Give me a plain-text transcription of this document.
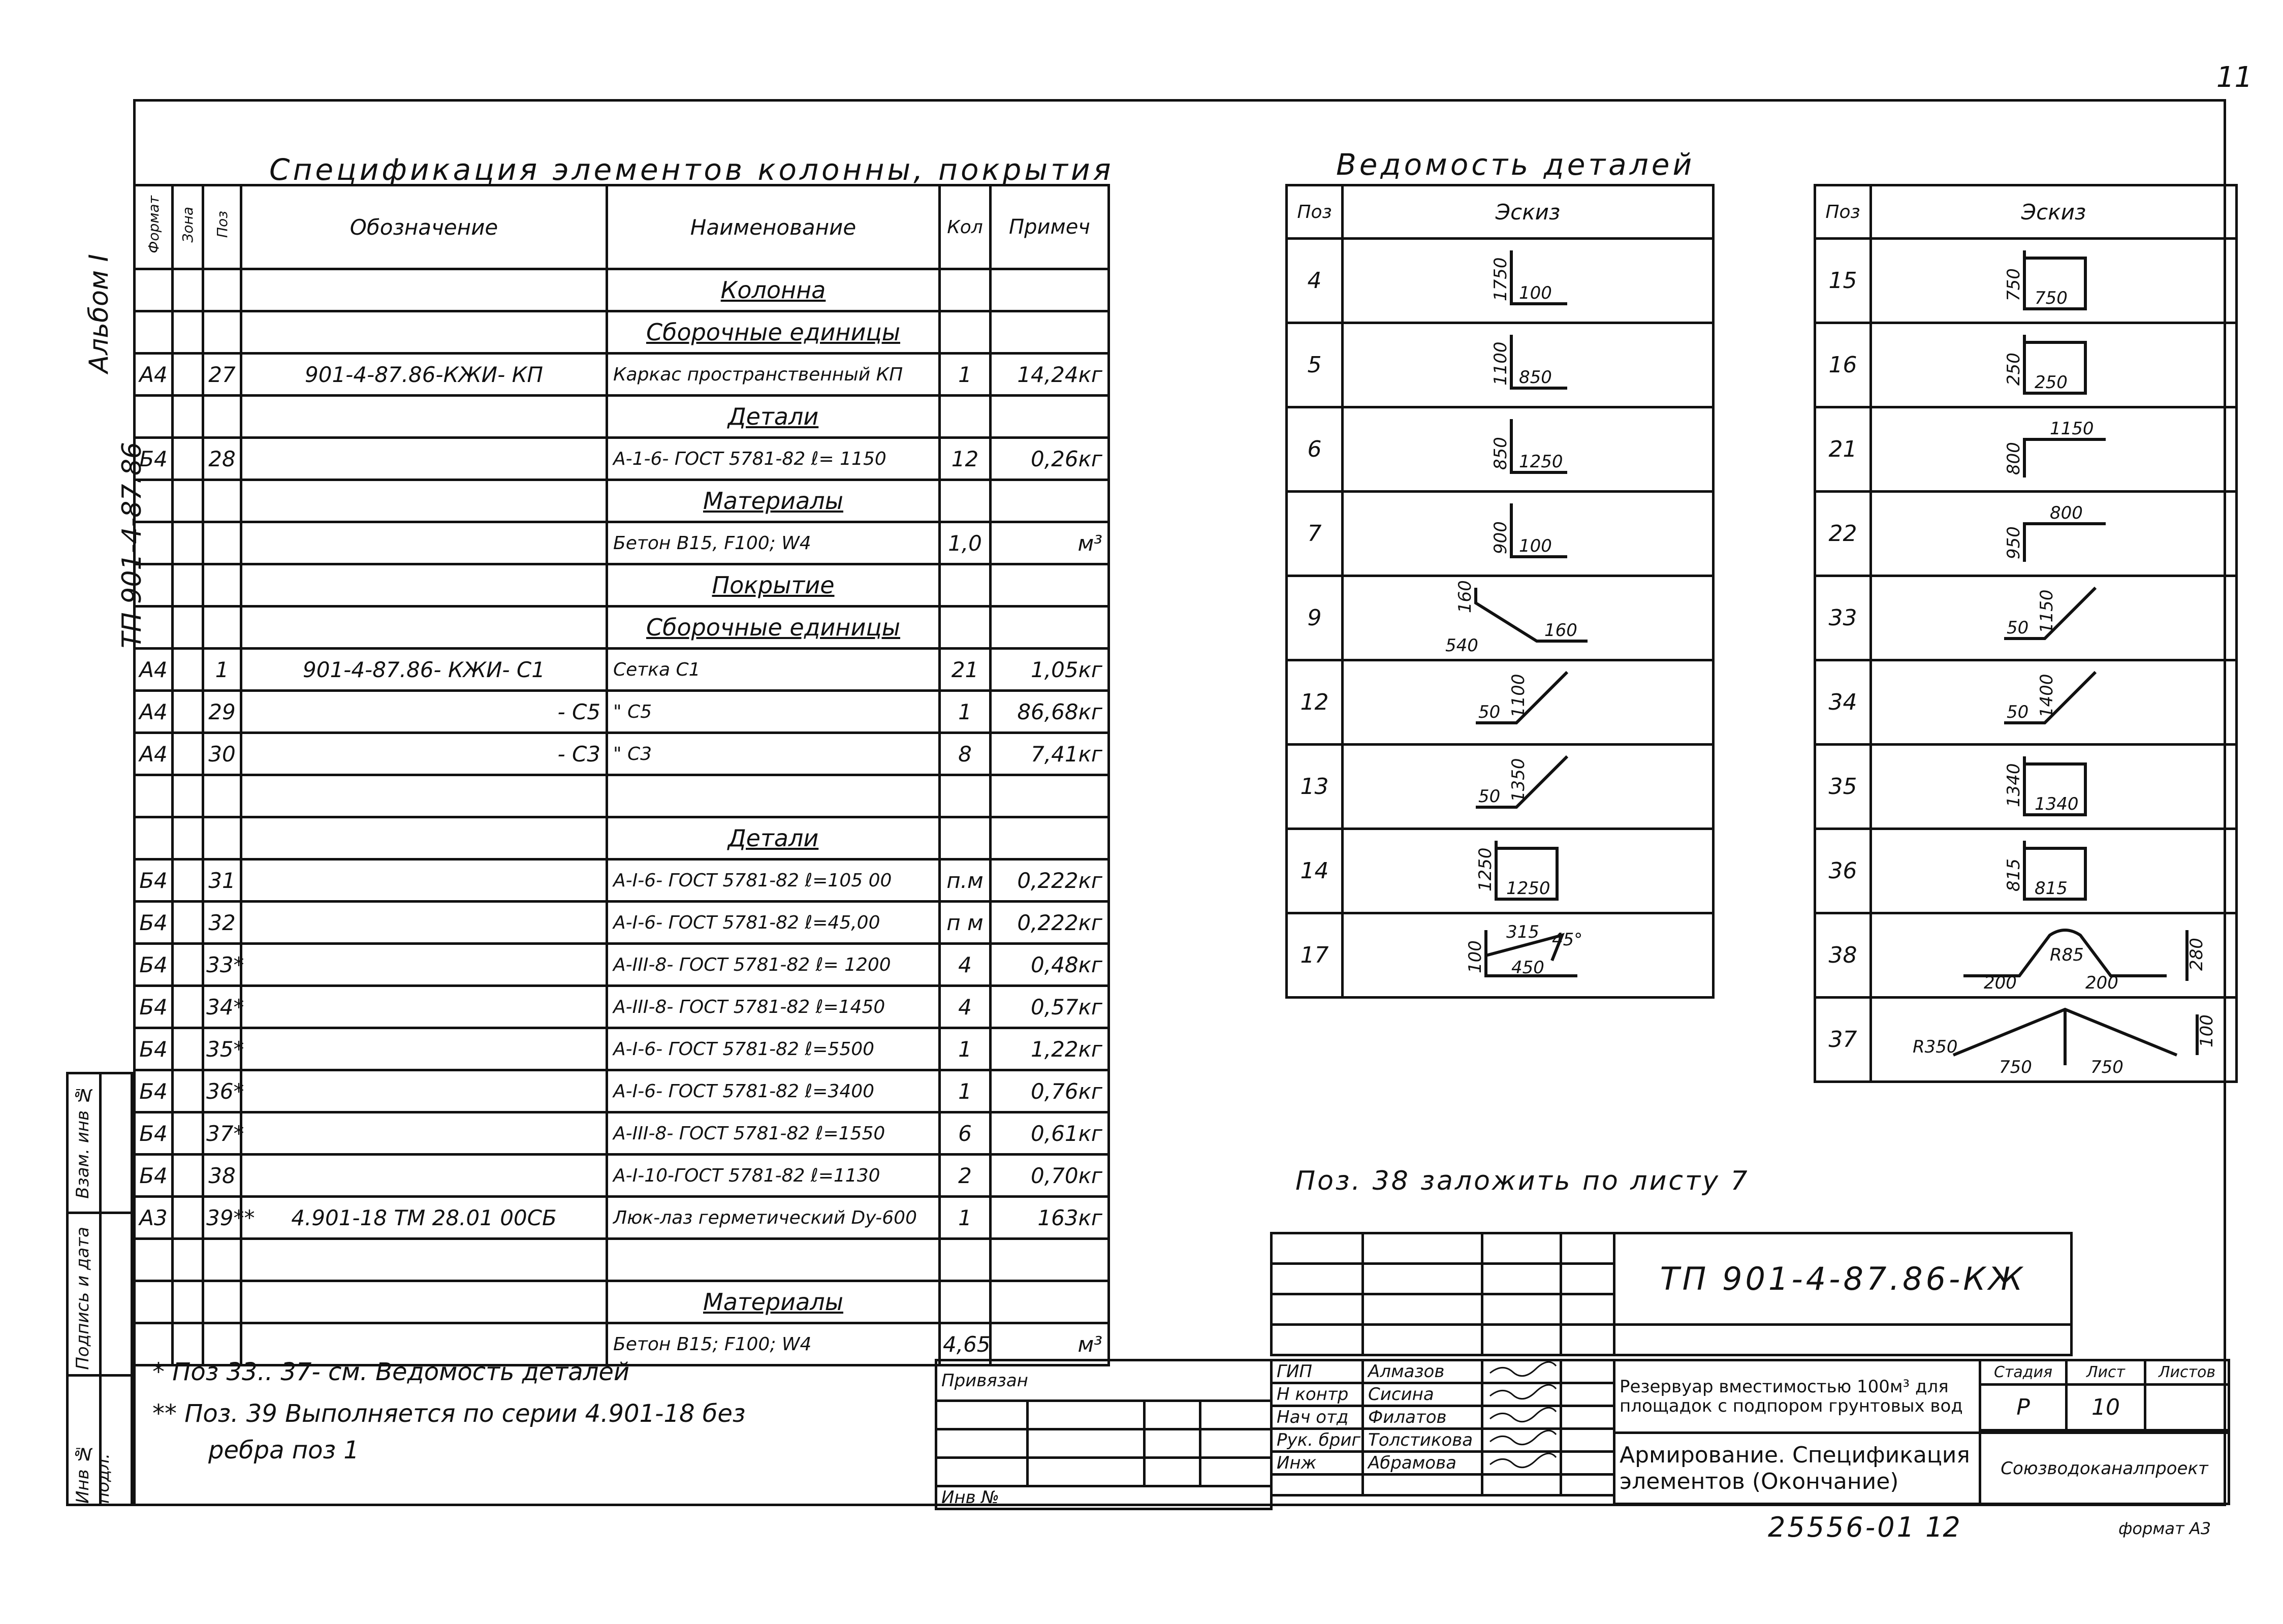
11
Альбом I
ТП 901-4-87.86
Взам. инв №
Подпись и дата
Инв № подл.
Спецификация элементов колонны, покрытия
Формат	Зона	Поз	Обозначение	Наименование	Кол	Примеч
				Колонна		
				Сборочные единицы		
А4		27	901-4-87.86-КЖИ- КП	Каркас пространственный КП	1	14,24кг
				Детали		
Б4		28		А-1-6- ГОСТ 5781-82 ℓ= 1150	12	0,26кг
				Материалы		
				Бетон В15, F100; W4	1,0	м³
				Покрытие		
				Сборочные единицы		
А4		1	901-4-87.86- КЖИ- С1	Сетка С1	21	1,05кг
А4		29	- С5	" С5	1	86,68кг
А4		30	- С3	" С3	8	7,41кг

				Детали		
Б4		31		А-I-6- ГОСТ 5781-82 ℓ=105 00	п.м	0,222кг
Б4		32		А-I-6- ГОСТ 5781-82 ℓ=45,00	п м	0,222кг
Б4		33*		А-III-8- ГОСТ 5781-82 ℓ= 1200	4	0,48кг
Б4		34*		А-III-8- ГОСТ 5781-82 ℓ=1450	4	0,57кг
Б4		35*		А-I-6- ГОСТ 5781-82 ℓ=5500	1	1,22кг
Б4		36*		А-I-6- ГОСТ 5781-82 ℓ=3400	1	0,76кг
Б4		37*		А-III-8- ГОСТ 5781-82 ℓ=1550	6	0,61кг
Б4		38		А-I-10-ГОСТ 5781-82 ℓ=1130	2	0,70кг
А3		39**	4.901-18 ТМ 28.01 00СБ	Люк-лаз герметический Dy-600	1	163кг

				Материалы		
				Бетон В15; F100; W4	4,65	м³
* Поз 33.. 37- см. Ведомость деталей
** Поз. 39 Выполняется по серии 4.901-18 без
ребра поз 1
Ведомость деталей
Поз	Эскиз
4	1750 100

5	1100 850

6	850 1250

7	900 100

9	160
540
160

12	50 1100

13	50 1350

14	1250 1250

17	100
315 45°
450
Поз	Эскиз
15	750 750

16	250 250

21	800
1150

22	950
800

33	50 1150

34	50 1400

35	1340 1340

36	815 815

38	R85
200 200
280

37	R350
750 750
100
Поз. 38 заложить по листу 7
				ТП 901-4-87.86-КЖ

Привязан			

Инв №			
ГИП	Алмазов		
Н контр	Сисина		
Нач отд	Филатов		
Рук. бриг	Толстикова		
Инж	Абрамова		

Резервуар вместимостью 100м³ для площадок с подпором грунтовых вод	Стадия	Лист	Листов
	Р	10	

Армирование. Спецификация элементов (Окончание)	Союзводоканалпроект		
25556-01 12	формат А3
